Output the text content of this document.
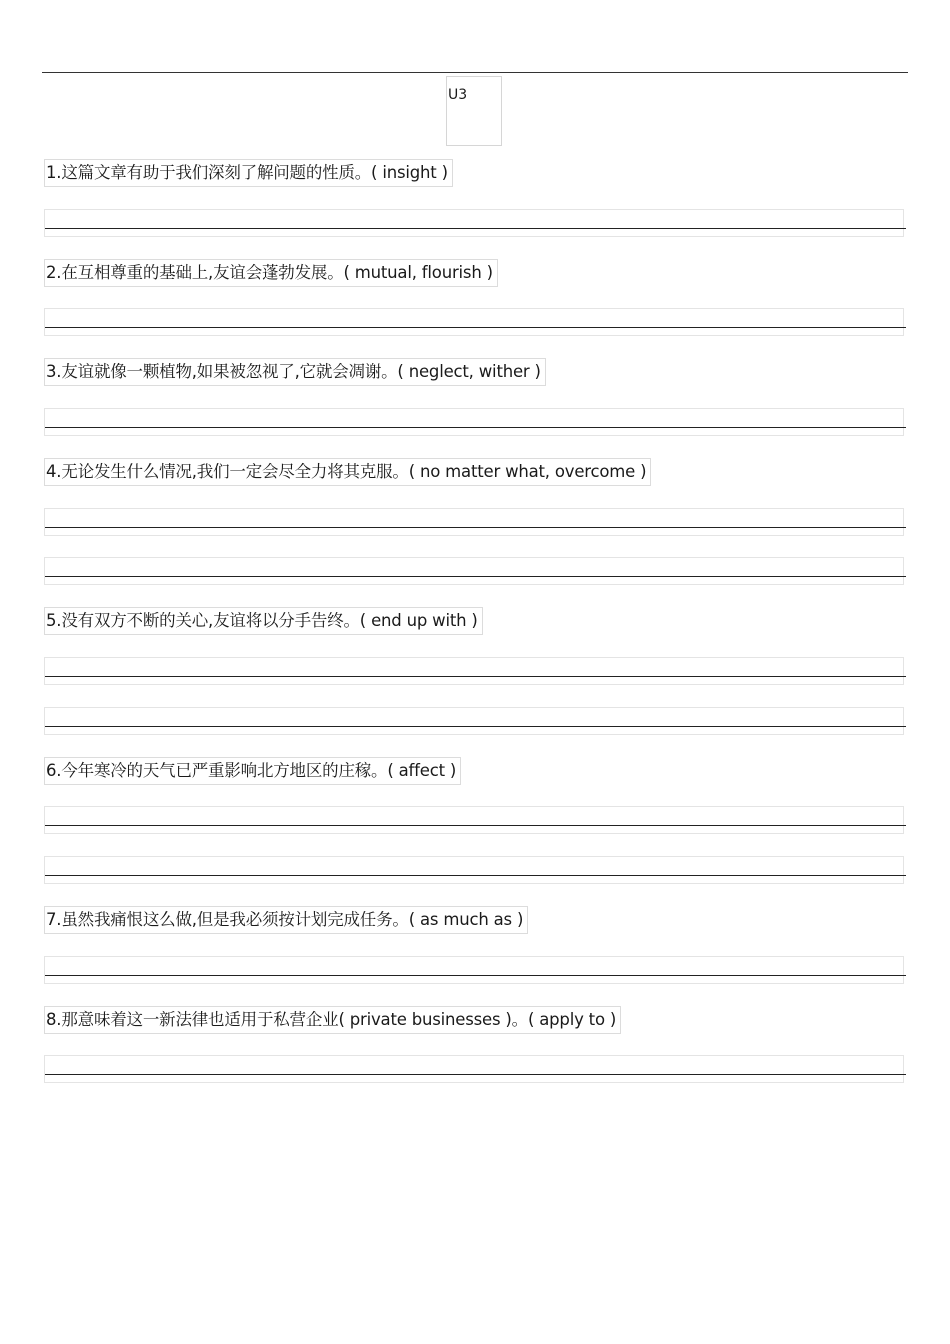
U3
1.这篇文章有助于我们深刻了解问题的性质。( insight )
2.在互相尊重的基础上,友谊会蓬勃发展。( mutual, flourish )
3.友谊就像一颗植物,如果被忽视了,它就会凋谢。( neglect, wither )
4.无论发生什么情况,我们一定会尽全力将其克服。( no matter what, overcome )
5.没有双方不断的关心,友谊将以分手告终。( end up with )
6.今年寒冷的天气已严重影响北方地区的庄稼。( affect )
7.虽然我痛恨这么做,但是我必须按计划完成任务。( as much as )
8.那意味着这一新法律也适用于私营企业( private businesses )。( apply to )
